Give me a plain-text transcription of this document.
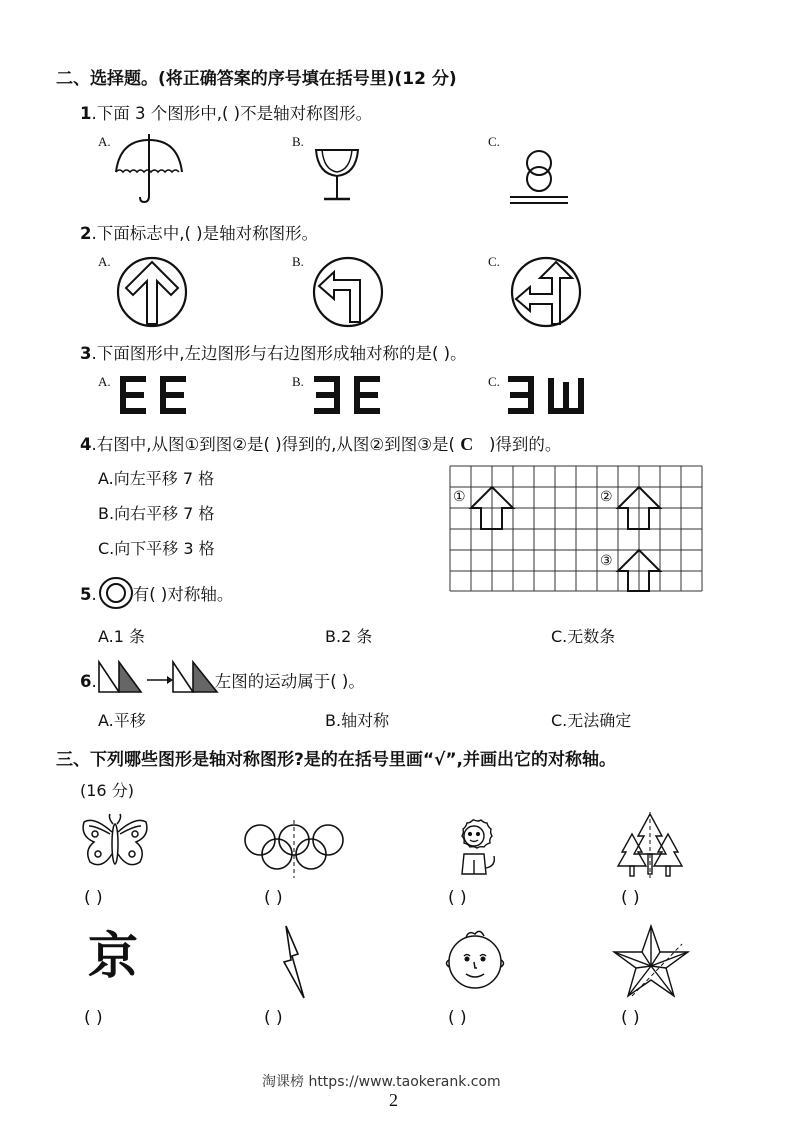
二、选择题。(将正确答案的序号填在括号里)(12 分)
1.下面 3 个图形中,( )不是轴对称图形。
A.	B.	C.
2.下面标志中,( )是轴对称图形。
A.	B.	C.
3.下面图形中,左边图形与右边图形成轴对称的是( )。
A.	B.	C.
4.右图中,从图①到图②是( )得到的,从图②到图③是( C )得到的。
A.向左平移 7 格
B.向右平移 7 格
C.向下平移 3 格
①	②
③
5. 有( )对称轴。
A.1 条	B.2 条	C.无数条
6.	左图的运动属于( )。
A.平移	B.轴对称	C.无法确定
三、下列哪些图形是轴对称图形?是的在括号里画“√”,并画出它的对称轴。
(16 分)
( )	( )	( )	( )
京
( )	( )	( )	( )
淘课榜 https://www.taokerank.com
2
